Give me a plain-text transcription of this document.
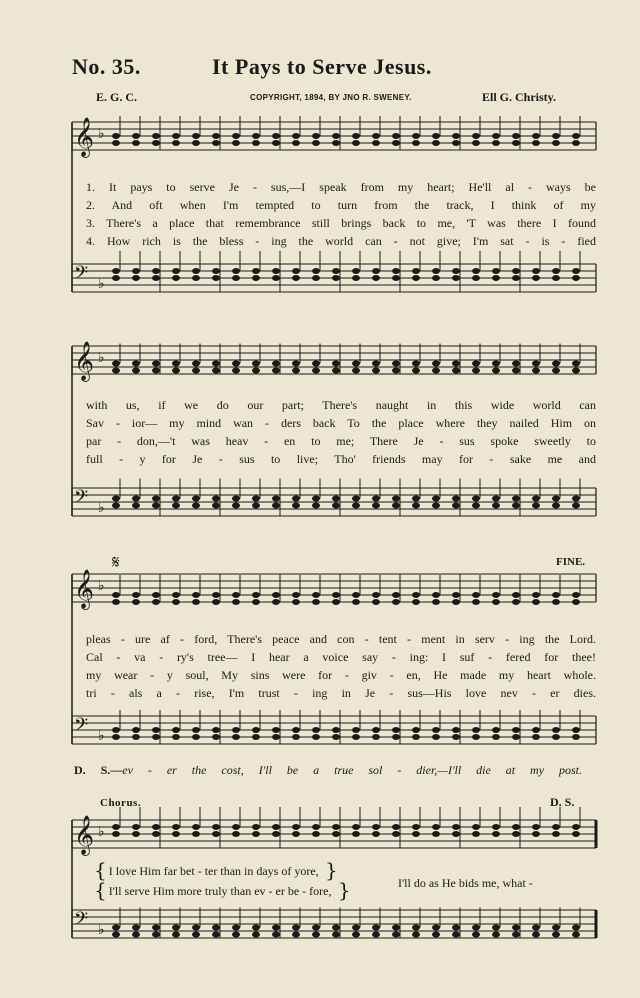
No. 35.	It Pays to Serve Jesus.
E. G. C.	COPYRIGHT, 1894, BY JNO R. SWENEY.	Ell G. Christy.
𝄞 ♭
𝄢 ♭
𝄞 ♭
𝄢 ♭
𝄞 ♭
𝄢 ♭
𝄞 ♭
𝄢 ♭
𝄋
1. It pays to serve Je - sus,—I speak from my heart; He'll al - ways be
2. And oft when I'm tempted to turn from the track, I think of my
3. There's a place that remembrance still brings back to me, 'T was there I found
4. How rich is the bless - ing the world can - not give; I'm sat - is - fied
with us, if we do our part; There's naught in this wide world can
Sav - ior— my mind wan - ders back To the place where they nailed Him on
par - don,—'t was heav - en to me; There Je - sus spoke sweetly to
full - y for Je - sus to live; Tho' friends may for - sake me and
FINE.
pleas - ure af - ford, There's peace and con - tent - ment in serv - ing the Lord.
Cal - va - ry's tree— I hear a voice say - ing: I suf - fered for thee!
my wear - y soul, My sins were for - giv - en, He made my heart whole.
tri - als a - rise, I'm trust - ing in Je - sus—His love nev - er dies.
D. S.—ev - er the cost, I'll be a true sol - dier,—I'll die at my post.
Chorus.	D. S.
{ I love Him far bet - ter than in days of yore, }
{ I'll serve Him more truly than ev - er be - fore, }	I'll do as He bids me, what -
